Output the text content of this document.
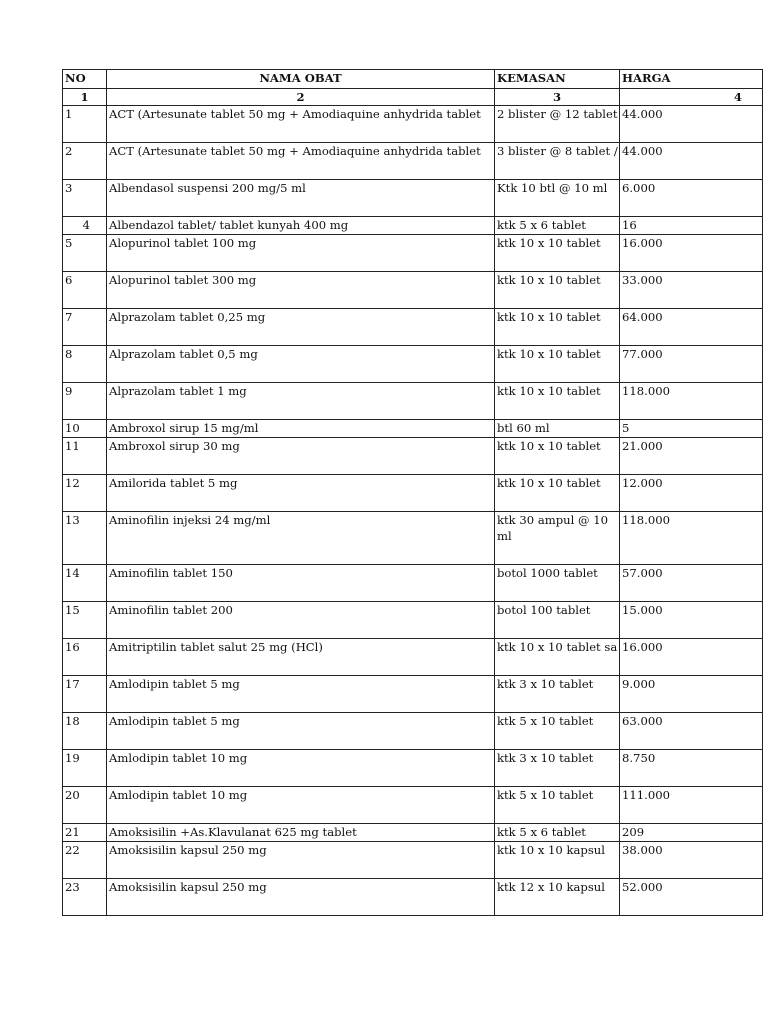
NO	NAMA OBAT	KEMASAN	HARGA
1	2	3	4
1	ACT (Artesunate tablet 50 mg + Amodiaquine anhydrida tablet	2 blister @ 12 tablet	44.000
2	ACT (Artesunate tablet 50 mg + Amodiaquine anhydrida tablet	3 blister @ 8 tablet /	44.000
3	Albendasol suspensi 200 mg/5 ml	Ktk 10 btl @ 10 ml	6.000
4	Albendazol tablet/ tablet kunyah 400 mg	ktk 5 x 6 tablet	16
5	Alopurinol tablet 100 mg	ktk 10 x 10 tablet	16.000
6	Alopurinol tablet 300 mg	ktk 10 x 10 tablet	33.000
7	Alprazolam tablet 0,25 mg	ktk 10 x 10 tablet	64.000
8	Alprazolam tablet 0,5 mg	ktk 10 x 10 tablet	77.000
9	Alprazolam tablet 1 mg	ktk 10 x 10 tablet	118.000
10	Ambroxol sirup 15 mg/ml	btl 60 ml	5
11	Ambroxol sirup 30 mg	ktk 10 x 10 tablet	21.000
12	Amilorida tablet 5 mg	ktk 10 x 10 tablet	12.000
13	Aminofilin injeksi 24 mg/ml	ktk 30 ampul @ 10 ml	118.000
14	Aminofilin tablet 150	botol 1000 tablet	57.000
15	Aminofilin tablet 200	botol 100 tablet	15.000
16	Amitriptilin tablet salut 25 mg (HCl)	ktk 10 x 10 tablet sa	16.000
17	Amlodipin tablet 5 mg	ktk 3 x 10 tablet	9.000
18	Amlodipin tablet 5 mg	ktk 5 x 10 tablet	63.000
19	Amlodipin tablet 10 mg	ktk 3 x 10 tablet	8.750
20	Amlodipin tablet 10 mg	ktk 5 x 10 tablet	111.000
21	Amoksisilin +As.Klavulanat 625 mg tablet	ktk 5 x 6 tablet	209
22	Amoksisilin kapsul 250 mg	ktk 10 x 10 kapsul	38.000
23	Amoksisilin kapsul 250 mg	ktk 12 x 10 kapsul	52.000
